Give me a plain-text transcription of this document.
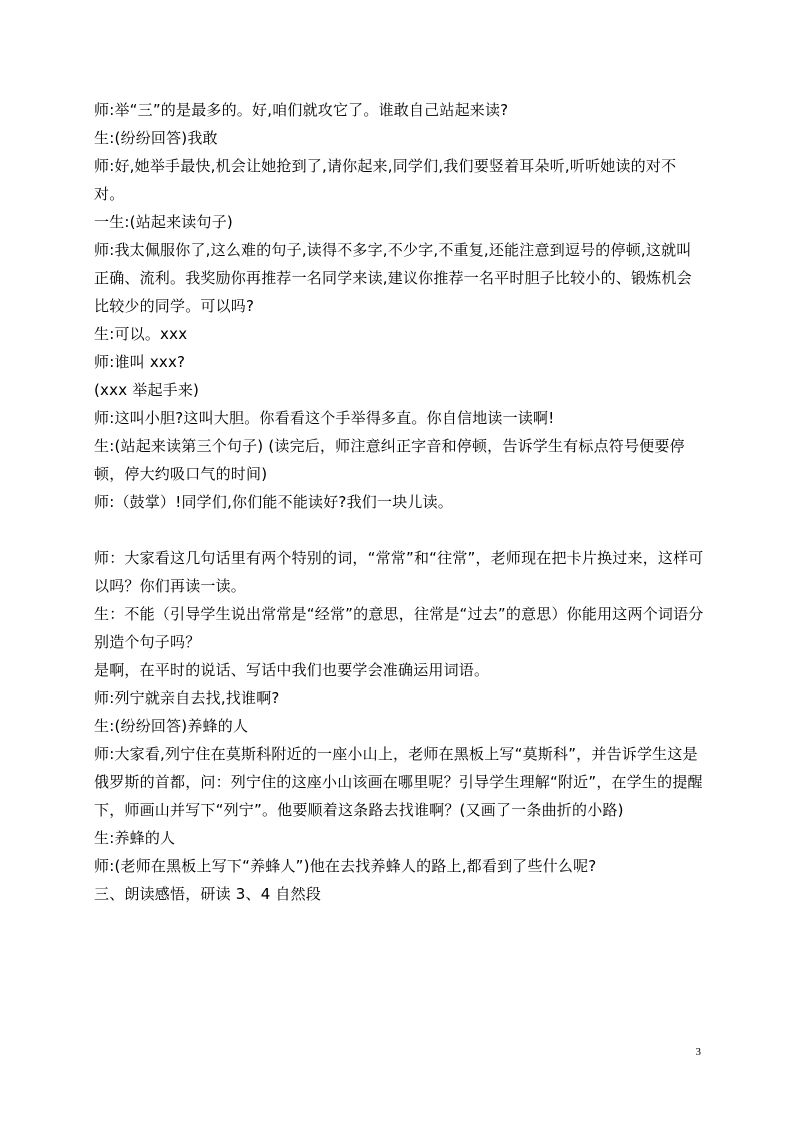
师:举“三”的是最多的。好,咱们就攻它了。谁敢自己站起来读?

生:(纷纷回答)我敢

师:好,她举手最快,机会让她抢到了,请你起来,同学们,我们要竖着耳朵听,听听她读的对不对。

一生:(站起来读句子)

师:我太佩服你了,这么难的句子,读得不多字,不少字,不重复,还能注意到逗号的停顿,这就叫正确、流利。我奖励你再推荐一名同学来读,建议你推荐一名平时胆子比较小的、锻炼机会比较少的同学。可以吗?

生:可以。xxx

师:谁叫 xxx?

(xxx 举起手来)

师:这叫小胆?这叫大胆。你看看这个手举得多直。你自信地读一读啊!

生:(站起来读第三个句子) (读完后，师注意纠正字音和停顿，告诉学生有标点符号便要停顿，停大约吸口气的时间)

师:（鼓掌）!同学们,你们能不能读好?我们一块儿读。

师：大家看这几句话里有两个特别的词，“常常”和“往常”，老师现在把卡片换过来，这样可以吗？你们再读一读。

生：不能（引导学生说出常常是“经常”的意思，往常是“过去”的意思）你能用这两个词语分别造个句子吗？

是啊，在平时的说话、写话中我们也要学会准确运用词语。

师:列宁就亲自去找,找谁啊?

生:(纷纷回答)养蜂的人

师:大家看,列宁住在莫斯科附近的一座小山上，老师在黑板上写“莫斯科”，并告诉学生这是俄罗斯的首都，问：列宁住的这座小山该画在哪里呢？引导学生理解“附近”，在学生的提醒下，师画山并写下“列宁”。他要顺着这条路去找谁啊？(又画了一条曲折的小路)

生:养蜂的人

师:(老师在黑板上写下“养蜂人”)他在去找养蜂人的路上,都看到了些什么呢?

三、朗读感悟，研读 3、4 自然段

3
